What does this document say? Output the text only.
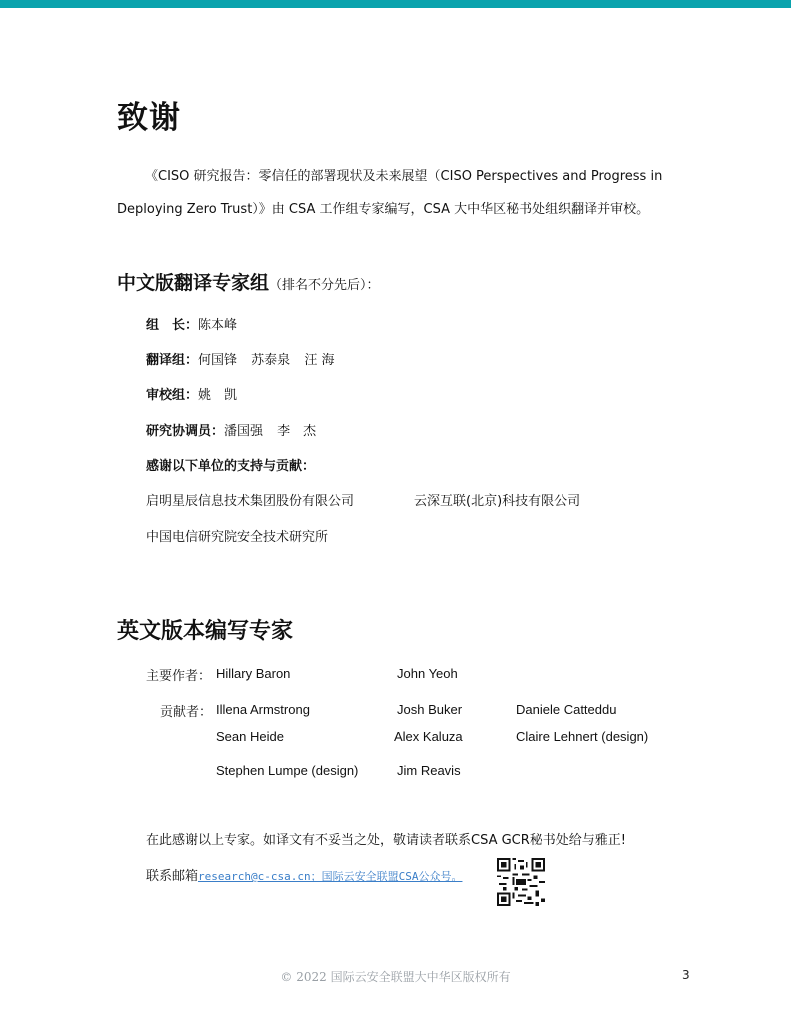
致谢
《CISO 研究报告：零信任的部署现状及未来展望（CISO Perspectives and Progress in Deploying Zero Trust）》由 CSA 工作组专家编写，CSA 大中华区秘书处组织翻译并审校。
中文版翻译专家组（排名不分先后）：
组　长：陈本峰
翻译组：何国锋 苏泰泉 汪 海
审校组：姚　凯
研究协调员：潘国强 李　杰
感谢以下单位的支持与贡献：
启明星辰信息技术集团股份有限公司	云深互联(北京)科技有限公司
中国电信研究院安全技术研究所
英文版本编写专家
主要作者： Hillary Baron	John Yeoh
贡献者： Illena Armstrong	Josh Buker	Daniele Catteddu
Sean Heide	Alex Kaluza	Claire Lehnert (design)
Stephen Lumpe (design)	Jim Reavis
在此感谢以上专家。如译文有不妥当之处，敬请读者联系CSA GCR秘书处给与雅正!
联系邮箱research@c-csa.cn；国际云安全联盟CSA公众号。
© 2022 国际云安全联盟大中华区版权所有	3
